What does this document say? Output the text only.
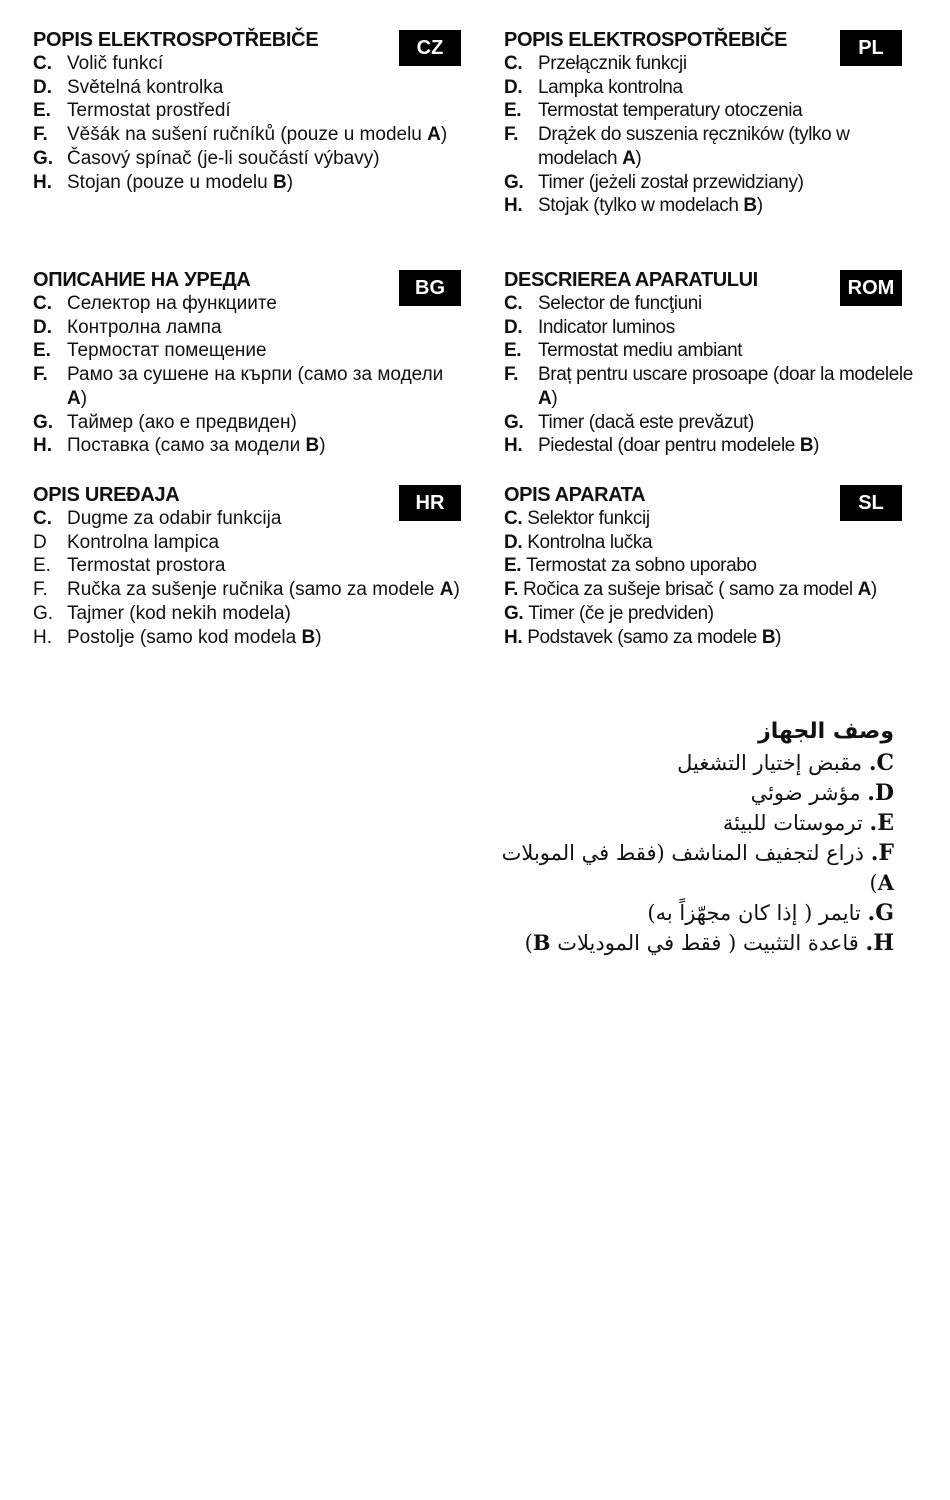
POPIS ELEKTROSPOTŘEBIČE	CZ
C. Volič funkcí
D. Světelná kontrolka
E. Termostat prostředí
F. Věšák na sušení ručníků (pouze u modelu A)
G. Časový spínač (je-li součástí výbavy)
H. Stojan (pouze u modelu B)
POPIS ELEKTROSPOTŘEBIČE	PL
C. Przełącznik funkcji
D. Lampka kontrolna
E. Termostat temperatury otoczenia
F. Drążek do suszenia ręczników (tylko w modelach A)
G. Timer (jeżeli został przewidziany)
H. Stojak (tylko w modelach B)
ОПИСАНИЕ НА УРЕДА	BG
C. Селектор на функциите
D. Контролна лампа
E. Термостат помещение
F. Рамо за сушене на кърпи (само за модели A)
G. Таймер (ако е предвиден)
H. Поставка (само за модели B)
DESCRIEREA APARATULUI	ROM
C. Selector de funcţiuni
D. Indicator luminos
E. Termostat mediu ambiant
F. Braț pentru uscare prosoape (doar la modelele A)
G. Timer (dacă este prevăzut)
H. Piedestal (doar pentru modelele B)
OPIS UREĐAJA	HR
C. Dugme za odabir funkcija
D Kontrolna lampica
E. Termostat prostora
F. Ručka za sušenje ručnika (samo za modele A)
G. Tajmer (kod nekih modela)
H. Postolje (samo kod modela B)
OPIS APARATA	SL
C. Selektor funkcij
D. Kontrolna lučka
E. Termostat za sobno uporabo
F. Ročica za sušeje brisač ( samo za model A)
G. Timer (če je predviden)
H. Podstavek (samo za modele B)
وصف الجهاز
C. مقبض إختيار التشغيل
D. مؤشر ضوئي
E. ترموستات للبيئة
F. ذراع لتجفيف المناشف (فقط في الموبلات A)
G. تايمر ( إذا كان مجهّزاً به)
H. قاعدة التثبيت ( فقط في الموديلات B)
